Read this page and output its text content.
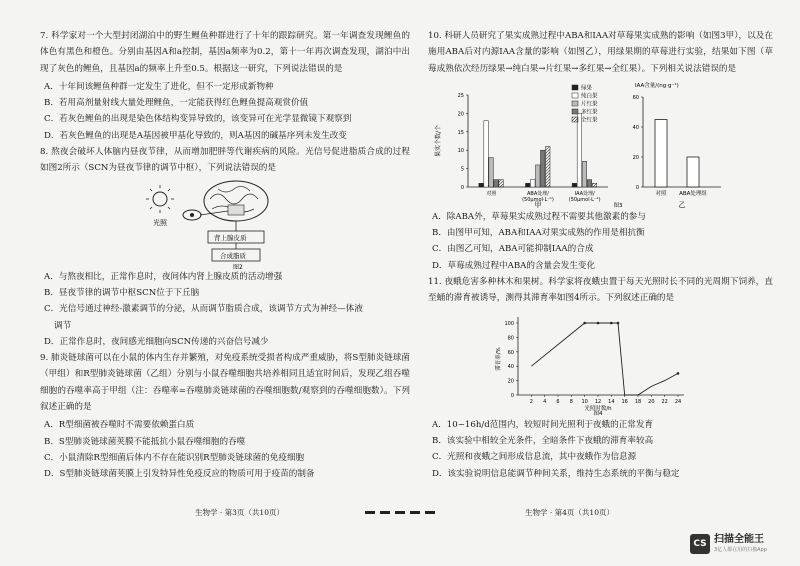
7. 科学家对一个大型封闭湖泊中的野生鲤鱼种群进行了十年的跟踪研究。第一年调查发现鲤鱼的体色有黑色和橙色。分别由基因A和a控制，基因a频率为0.2，第十一年再次调查发现，湖泊中出现了灰色的鲤鱼，且基因a的频率上升至0.5。根据这一研究，下列说法错误的是

A．十年间该鲤鱼种群一定发生了进化，但不一定形成新物种

B．若用高剂量射线大量处理鲤鱼，一定能获得红色鲤鱼提高观赏价值

C．若灰色鲤鱼的出现是染色体结构变异导致的，该变异可在光学显微镜下观察到

D．若灰色鲤鱼的出现是A基因被甲基化导致的，则A基因的碱基序列未发生改变

8. 熬夜会破坏人体脑内昼夜节律，从而增加肥胖等代谢疾病的风险。光信号促进脂质合成的过程如图2所示（SCN为昼夜节律的调节中枢），下列说法错误的是

光照
背上腺皮质
合成脂质
图2

A．与熬夜相比，正常作息时，夜间体内肾上腺皮质的活动增强

B．昼夜节律的调节中枢SCN位于下丘脑

C．光信号通过神经-激素调节的分泌，从而调节脂质合成，该调节方式为神经—体液

调节

D．正常作息时，夜间感光细胞向SCN传递的兴奋信号减少

9. 肺炎链球菌可以在小鼠的体内生存并繁殖，对免疫系统受损者构成严重威胁，将S型肺炎链球菌（甲组）和R型肺炎链球菌（乙组）分别与小鼠吞噬细胞共培养相同且适宜时间后，发现乙组吞噬细胞的吞噬率高于甲组（注：吞噬率=吞噬肺炎链球菌的吞噬细胞数/观察到的吞噬细胞数）。下列叙述正确的是

A．R型细菌被吞噬时不需要依赖蛋白质

B．S型肺炎链球菌荚膜不能抵抗小鼠吞噬细胞的吞噬

C．小鼠清除R型细菌后体内不存在能识别R型肺炎链球菌的免疫细胞

D．S型肺炎链球菌荚膜上引发特异性免疫反应的物质可用于疫苗的制备

10. 科研人员研究了果实成熟过程中ABA和IAA对草莓果实成熟的影响（如图3甲），以及在施用ABA后对内源IAA含量的影响（如图乙），用绿果期的草莓进行实验，结果如下图（草莓成熟依次经历绿果→纯白果→片红果→多红果→全红果）。下列相关说法错误的是

0
5
10
15
20
25
果实个数/个
对照	ABA处理/
(50μmol·L⁻¹)
IAA处理/
(50μmol·L⁻¹)
绿果
纯白果
片红果
多红果
全红果
甲
0
20
40
60
IAA含量/(ng·g⁻¹)
对照 ABA处理组
乙
图3

A．除ABA外，草莓果实成熟过程不需要其他激素的参与

B．由图甲可知，ABA和IAA对果实成熟的作用是相抗衡

C．由图乙可知，ABA可能抑制IAA的合成

D．草莓成熟过程中ABA的含量会发生变化

11. 夜蛾危害多种林木和果树。科学家将夜蛾虫置于每天光照时长不同的光周期下饲养，直至蛹的滞育被诱导，测得其滞育率如图4所示。下列叙述正确的是

0
20
40
60
80
100
2 4 6 8 10 12 14 16 18 20 22 24
滞育率/%
光照时数/h
图4

A．10~16h/d范围内，较短时间光照利于夜蛾的正常发育

B．该实验中相较全光条件，全暗条件下夜蛾的滞育率较高

C．光照和夜蛾之间形成信息流，其中夜蛾作为信息源

D．该实验说明信息能调节种间关系，维持生态系统的平衡与稳定

生物学 · 第3页（共10页）	生物学 · 第4页（共10页）
CS 扫描全能王
3亿人都在用的扫描App
